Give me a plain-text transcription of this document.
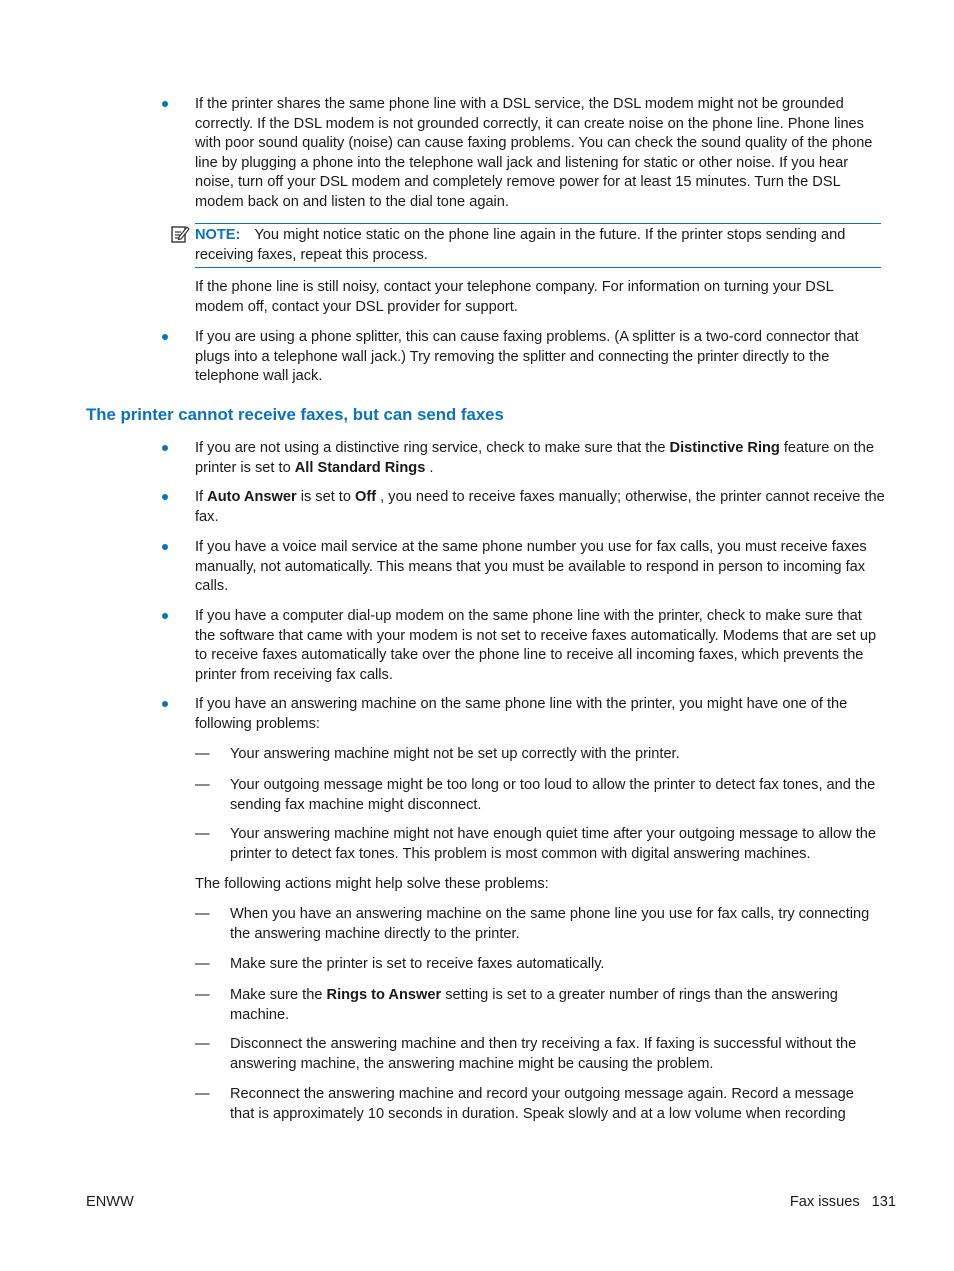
If the printer shares the same phone line with a DSL service, the DSL modem might not be grounded correctly. If the DSL modem is not grounded correctly, it can create noise on the phone line. Phone lines with poor sound quality (noise) can cause faxing problems. You can check the sound quality of the phone line by plugging a phone into the telephone wall jack and listening for static or other noise. If you hear noise, turn off your DSL modem and completely remove power for at least 15 minutes. Turn the DSL modem back on and listen to the dial tone again.
NOTE: You might notice static on the phone line again in the future. If the printer stops sending and receiving faxes, repeat this process.
If the phone line is still noisy, contact your telephone company. For information on turning your DSL modem off, contact your DSL provider for support.
If you are using a phone splitter, this can cause faxing problems. (A splitter is a two-cord connector that plugs into a telephone wall jack.) Try removing the splitter and connecting the printer directly to the telephone wall jack.
The printer cannot receive faxes, but can send faxes
If you are not using a distinctive ring service, check to make sure that the Distinctive Ring feature on the printer is set to All Standard Rings .
If Auto Answer is set to Off , you need to receive faxes manually; otherwise, the printer cannot receive the fax.
If you have a voice mail service at the same phone number you use for fax calls, you must receive faxes manually, not automatically. This means that you must be available to respond in person to incoming fax calls.
If you have a computer dial-up modem on the same phone line with the printer, check to make sure that the software that came with your modem is not set to receive faxes automatically. Modems that are set up to receive faxes automatically take over the phone line to receive all incoming faxes, which prevents the printer from receiving fax calls.
If you have an answering machine on the same phone line with the printer, you might have one of the following problems:
—	Your answering machine might not be set up correctly with the printer.
—	Your outgoing message might be too long or too loud to allow the printer to detect fax tones, and the sending fax machine might disconnect.
—	Your answering machine might not have enough quiet time after your outgoing message to allow the printer to detect fax tones. This problem is most common with digital answering machines.
The following actions might help solve these problems:
—	When you have an answering machine on the same phone line you use for fax calls, try connecting the answering machine directly to the printer.
—	Make sure the printer is set to receive faxes automatically.
—	Make sure the Rings to Answer setting is set to a greater number of rings than the answering machine.
—	Disconnect the answering machine and then try receiving a fax. If faxing is successful without the answering machine, the answering machine might be causing the problem.
—	Reconnect the answering machine and record your outgoing message again. Record a message that is approximately 10 seconds in duration. Speak slowly and at a low volume when recording
ENWW	Fax issues 131
